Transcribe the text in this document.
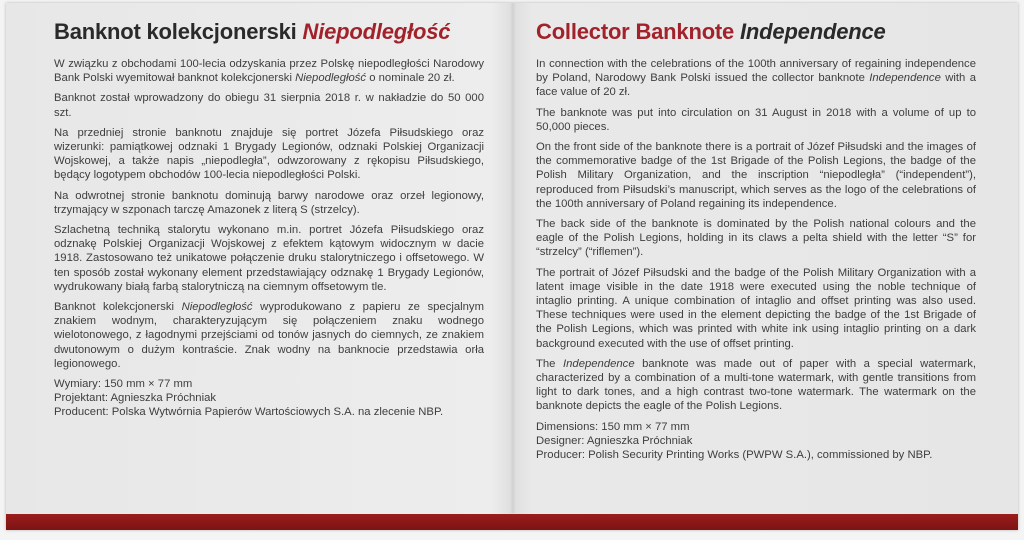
Banknot kolekcjonerski Niepodległość

W związku z obchodami 100-lecia odzyskania przez Polskę niepodległości Narodowy Bank Polski wyemitował banknot kolekcjonerski Niepodległość o nominale 20 zł.

Banknot został wprowadzony do obiegu 31 sierpnia 2018 r. w nakładzie do 50 000 szt.

Na przedniej stronie banknotu znajduje się portret Józefa Piłsudskiego oraz wizerunki: pamiątkowej odznaki 1 Brygady Legionów, odznaki Polskiej Organizacji Wojskowej, a także napis „niepodległa”, odwzorowany z rękopisu Piłsudskiego, będący logotypem obchodów 100-lecia niepodległości Polski.

Na odwrotnej stronie banknotu dominują barwy narodowe oraz orzeł legionowy, trzymający w szponach tarczę Amazonek z literą S (strzelcy).

Szlachetną techniką stalorytu wykonano m.in. portret Józefa Piłsudskiego oraz odznakę Polskiej Organizacji Wojskowej z efektem kątowym widocznym w dacie 1918. Zastosowano też unikatowe połączenie druku stalorytniczego i offsetowego. W ten sposób został wykonany element przedstawiający odznakę 1 Brygady Legionów, wydrukowany białą farbą stalorytniczą na ciemnym offsetowym tle.

Banknot kolekcjonerski Niepodległość wyprodukowano z papieru ze specjalnym znakiem wodnym, charakteryzującym się połączeniem znaku wodnego wielotonowego, z łagodnymi przejściami od tonów jasnych do ciemnych, ze znakiem dwutonowym o dużym kontraście. Znak wodny na banknocie przedstawia orła legionowego.

Wymiary: 150 mm × 77 mm
Projektant: Agnieszka Próchniak
Producent: Polska Wytwórnia Papierów Wartościowych S.A. na zlecenie NBP.
Collector Banknote Independence

In connection with the celebrations of the 100th anniversary of regaining independence by Poland, Narodowy Bank Polski issued the collector banknote Independence with a face value of 20 zł.

The banknote was put into circulation on 31 August in 2018 with a volume of up to 50,000 pieces.

On the front side of the banknote there is a portrait of Józef Piłsudski and the images of the commemorative badge of the 1st Brigade of the Polish Legions, the badge of the Polish Military Organization, and the inscription “niepodległa” (“independent”), reproduced from Piłsudski’s manuscript, which serves as the logo of the celebrations of the 100th anniversary of Poland regaining its independence.

The back side of the banknote is dominated by the Polish national colours and the eagle of the Polish Legions, holding in its claws a pelta shield with the letter “S” for “strzelcy” (“riflemen”).

The portrait of Józef Piłsudski and the badge of the Polish Military Organization with a latent image visible in the date 1918 were executed using the noble technique of intaglio printing. A unique combination of intaglio and offset printing was also used. These techniques were used in the element depicting the badge of the 1st Brigade of the Polish Legions, which was printed with white ink using intaglio printing on a dark background executed with the use of offset printing.

The Independence banknote was made out of paper with a special watermark, characterized by a combination of a multi-tone watermark, with gentle transitions from light to dark tones, and a high contrast two-tone watermark. The watermark on the banknote depicts the eagle of the Polish Legions.

Dimensions: 150 mm × 77 mm
Designer: Agnieszka Próchniak
Producer: Polish Security Printing Works (PWPW S.A.), commissioned by NBP.
